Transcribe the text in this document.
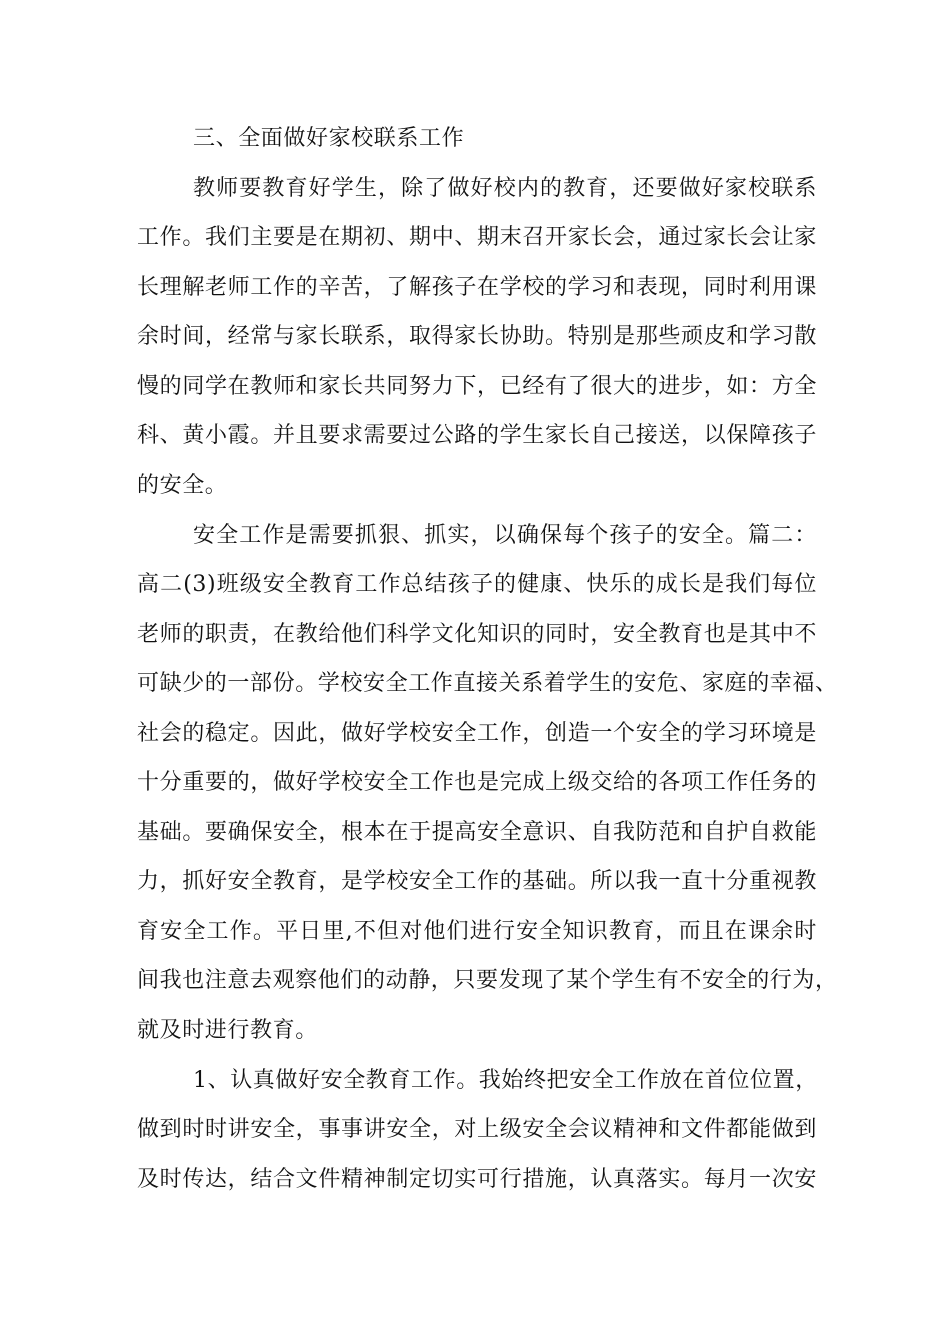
三、全面做好家校联系工作
教师要教育好学生，除了做好校内的教育，还要做好家校联系
工作。我们主要是在期初、期中、期末召开家长会，通过家长会让家
长理解老师工作的辛苦，了解孩子在学校的学习和表现，同时利用课
余时间，经常与家长联系，取得家长协助。特别是那些顽皮和学习散
慢的同学在教师和家长共同努力下，已经有了很大的进步，如：方全
科、黄小霞。并且要求需要过公路的学生家长自己接送，以保障孩子
的安全。
安全工作是需要抓狠、抓实，以确保每个孩子的安全。篇二：
高二(3)班级安全教育工作总结孩子的健康、快乐的成长是我们每位
老师的职责，在教给他们科学文化知识的同时，安全教育也是其中不
可缺少的一部份。学校安全工作直接关系着学生的安危、家庭的幸福、
社会的稳定。因此，做好学校安全工作，创造一个安全的学习环境是
十分重要的，做好学校安全工作也是完成上级交给的各项工作任务的
基础。要确保安全，根本在于提高安全意识、自我防范和自护自救能
力，抓好安全教育，是学校安全工作的基础。所以我一直十分重视教
育安全工作。平日里,不但对他们进行安全知识教育，而且在课余时
间我也注意去观察他们的动静，只要发现了某个学生有不安全的行为，
就及时进行教育。
1、认真做好安全教育工作。我始终把安全工作放在首位位置，
做到时时讲安全，事事讲安全，对上级安全会议精神和文件都能做到
及时传达，结合文件精神制定切实可行措施，认真落实。每月一次安
